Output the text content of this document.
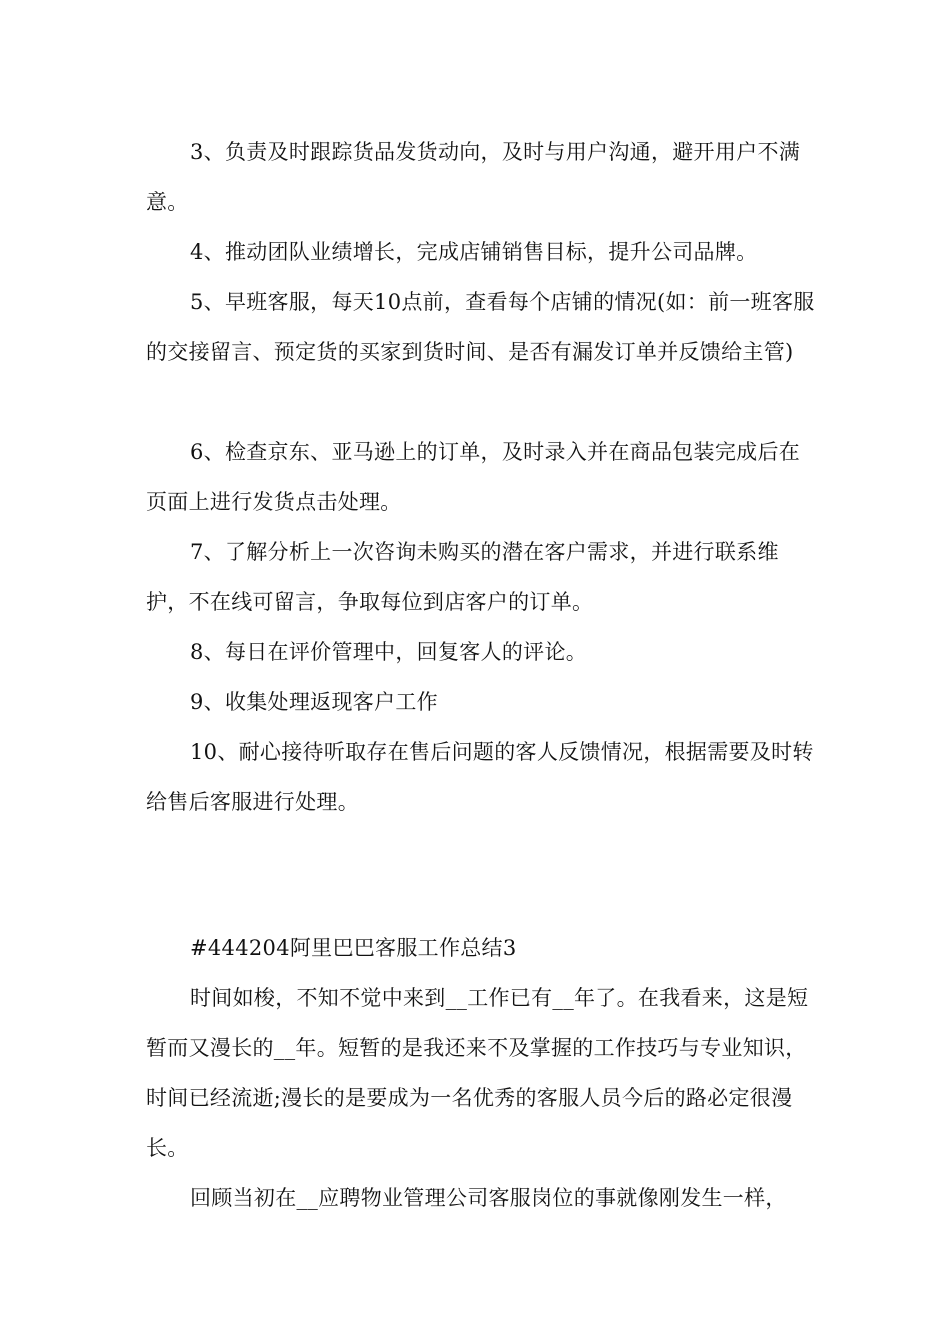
3、负责及时跟踪货品发货动向，及时与用户沟通，避开用户不满意。
4、推动团队业绩增长，完成店铺销售目标，提升公司品牌。
5、早班客服，每天10点前，查看每个店铺的情况(如：前一班客服的交接留言、预定货的买家到货时间、是否有漏发订单并反馈给主管)
6、检查京东、亚马逊上的订单，及时录入并在商品包装完成后在页面上进行发货点击处理。
7、了解分析上一次咨询未购买的潜在客户需求，并进行联系维护，不在线可留言，争取每位到店客户的订单。
8、每日在评价管理中，回复客人的评论。
9、收集处理返现客户工作
10、耐心接待听取存在售后问题的客人反馈情况，根据需要及时转给售后客服进行处理。
#444204阿里巴巴客服工作总结3
时间如梭，不知不觉中来到__工作已有__年了。在我看来，这是短暂而又漫长的__年。短暂的是我还来不及掌握的工作技巧与专业知识，时间已经流逝;漫长的是要成为一名优秀的客服人员今后的路必定很漫长。
回顾当初在__应聘物业管理公司客服岗位的事就像刚发生一样，
